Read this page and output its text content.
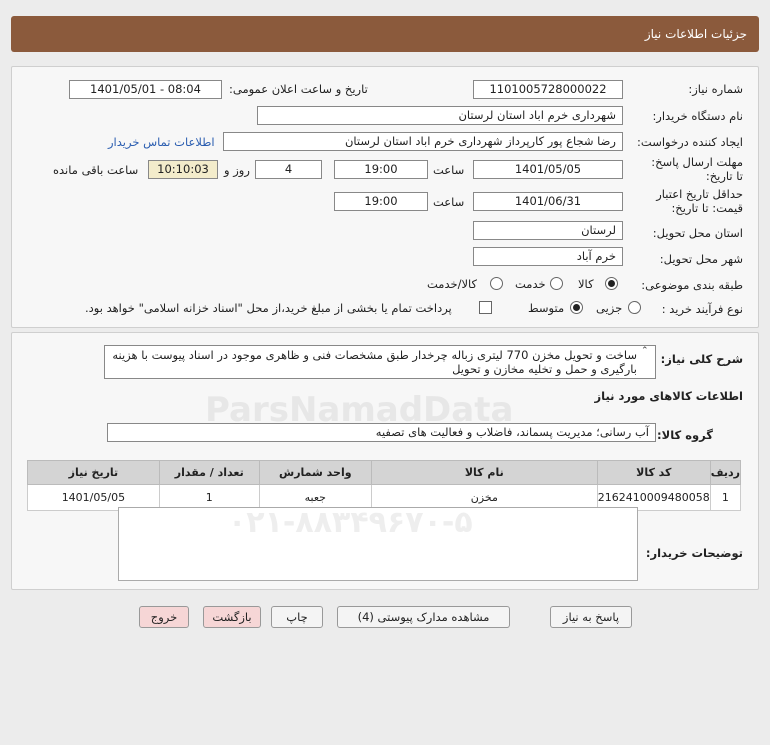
جزئیات اطلاعات نیاز
شماره نیاز:
1101005728000022
تاریخ و ساعت اعلان عمومی:
1401/05/01 - 08:04
نام دستگاه خریدار:
شهرداری خرم اباد استان لرستان
ایجاد کننده درخواست:
رضا شجاع پور کارپرداز شهرداری خرم اباد استان لرستان
اطلاعات تماس خریدار
مهلت ارسال پاسخ:
تا تاریخ:
1401/05/05
ساعت
19:00
4
روز و
10:10:03
ساعت باقی مانده
حداقل تاریخ اعتبار
قیمت: تا تاریخ:
1401/06/31
ساعت
19:00
استان محل تحویل:
لرستان
شهر محل تحویل:
خرم آباد
طبقه بندی موضوعی:
کالا
خدمت
کالا/خدمت
نوع فرآیند خرید :
جزیی
متوسط
پرداخت تمام یا بخشی از مبلغ خرید،از محل "اسناد خزانه اسلامی" خواهد بود.
شرح کلی نیاز:
ساخت و تحویل مخزن 770 لیتری زباله چرخدار طبق مشخصات فنی و ظاهری موجود در اسناد پیوست با هزینه بارگیری و حمل و تخلیه مخازن و تحویل
⌃
اطلاعات کالاهای مورد نیاز
گروه کالا:
آب رسانی؛ مدیریت پسماند، فاضلاب و فعالیت های تصفیه
ردیف	کد کالا	نام کالا	واحد شمارش	تعداد / مقدار	تاریخ نیاز
1	2162410009480058	مخزن	جعبه	1	1401/05/05
توضیحات خریدار:
پاسخ به نیاز
مشاهده مدارک پیوستی (4)
چاپ
بازگشت
خروج
